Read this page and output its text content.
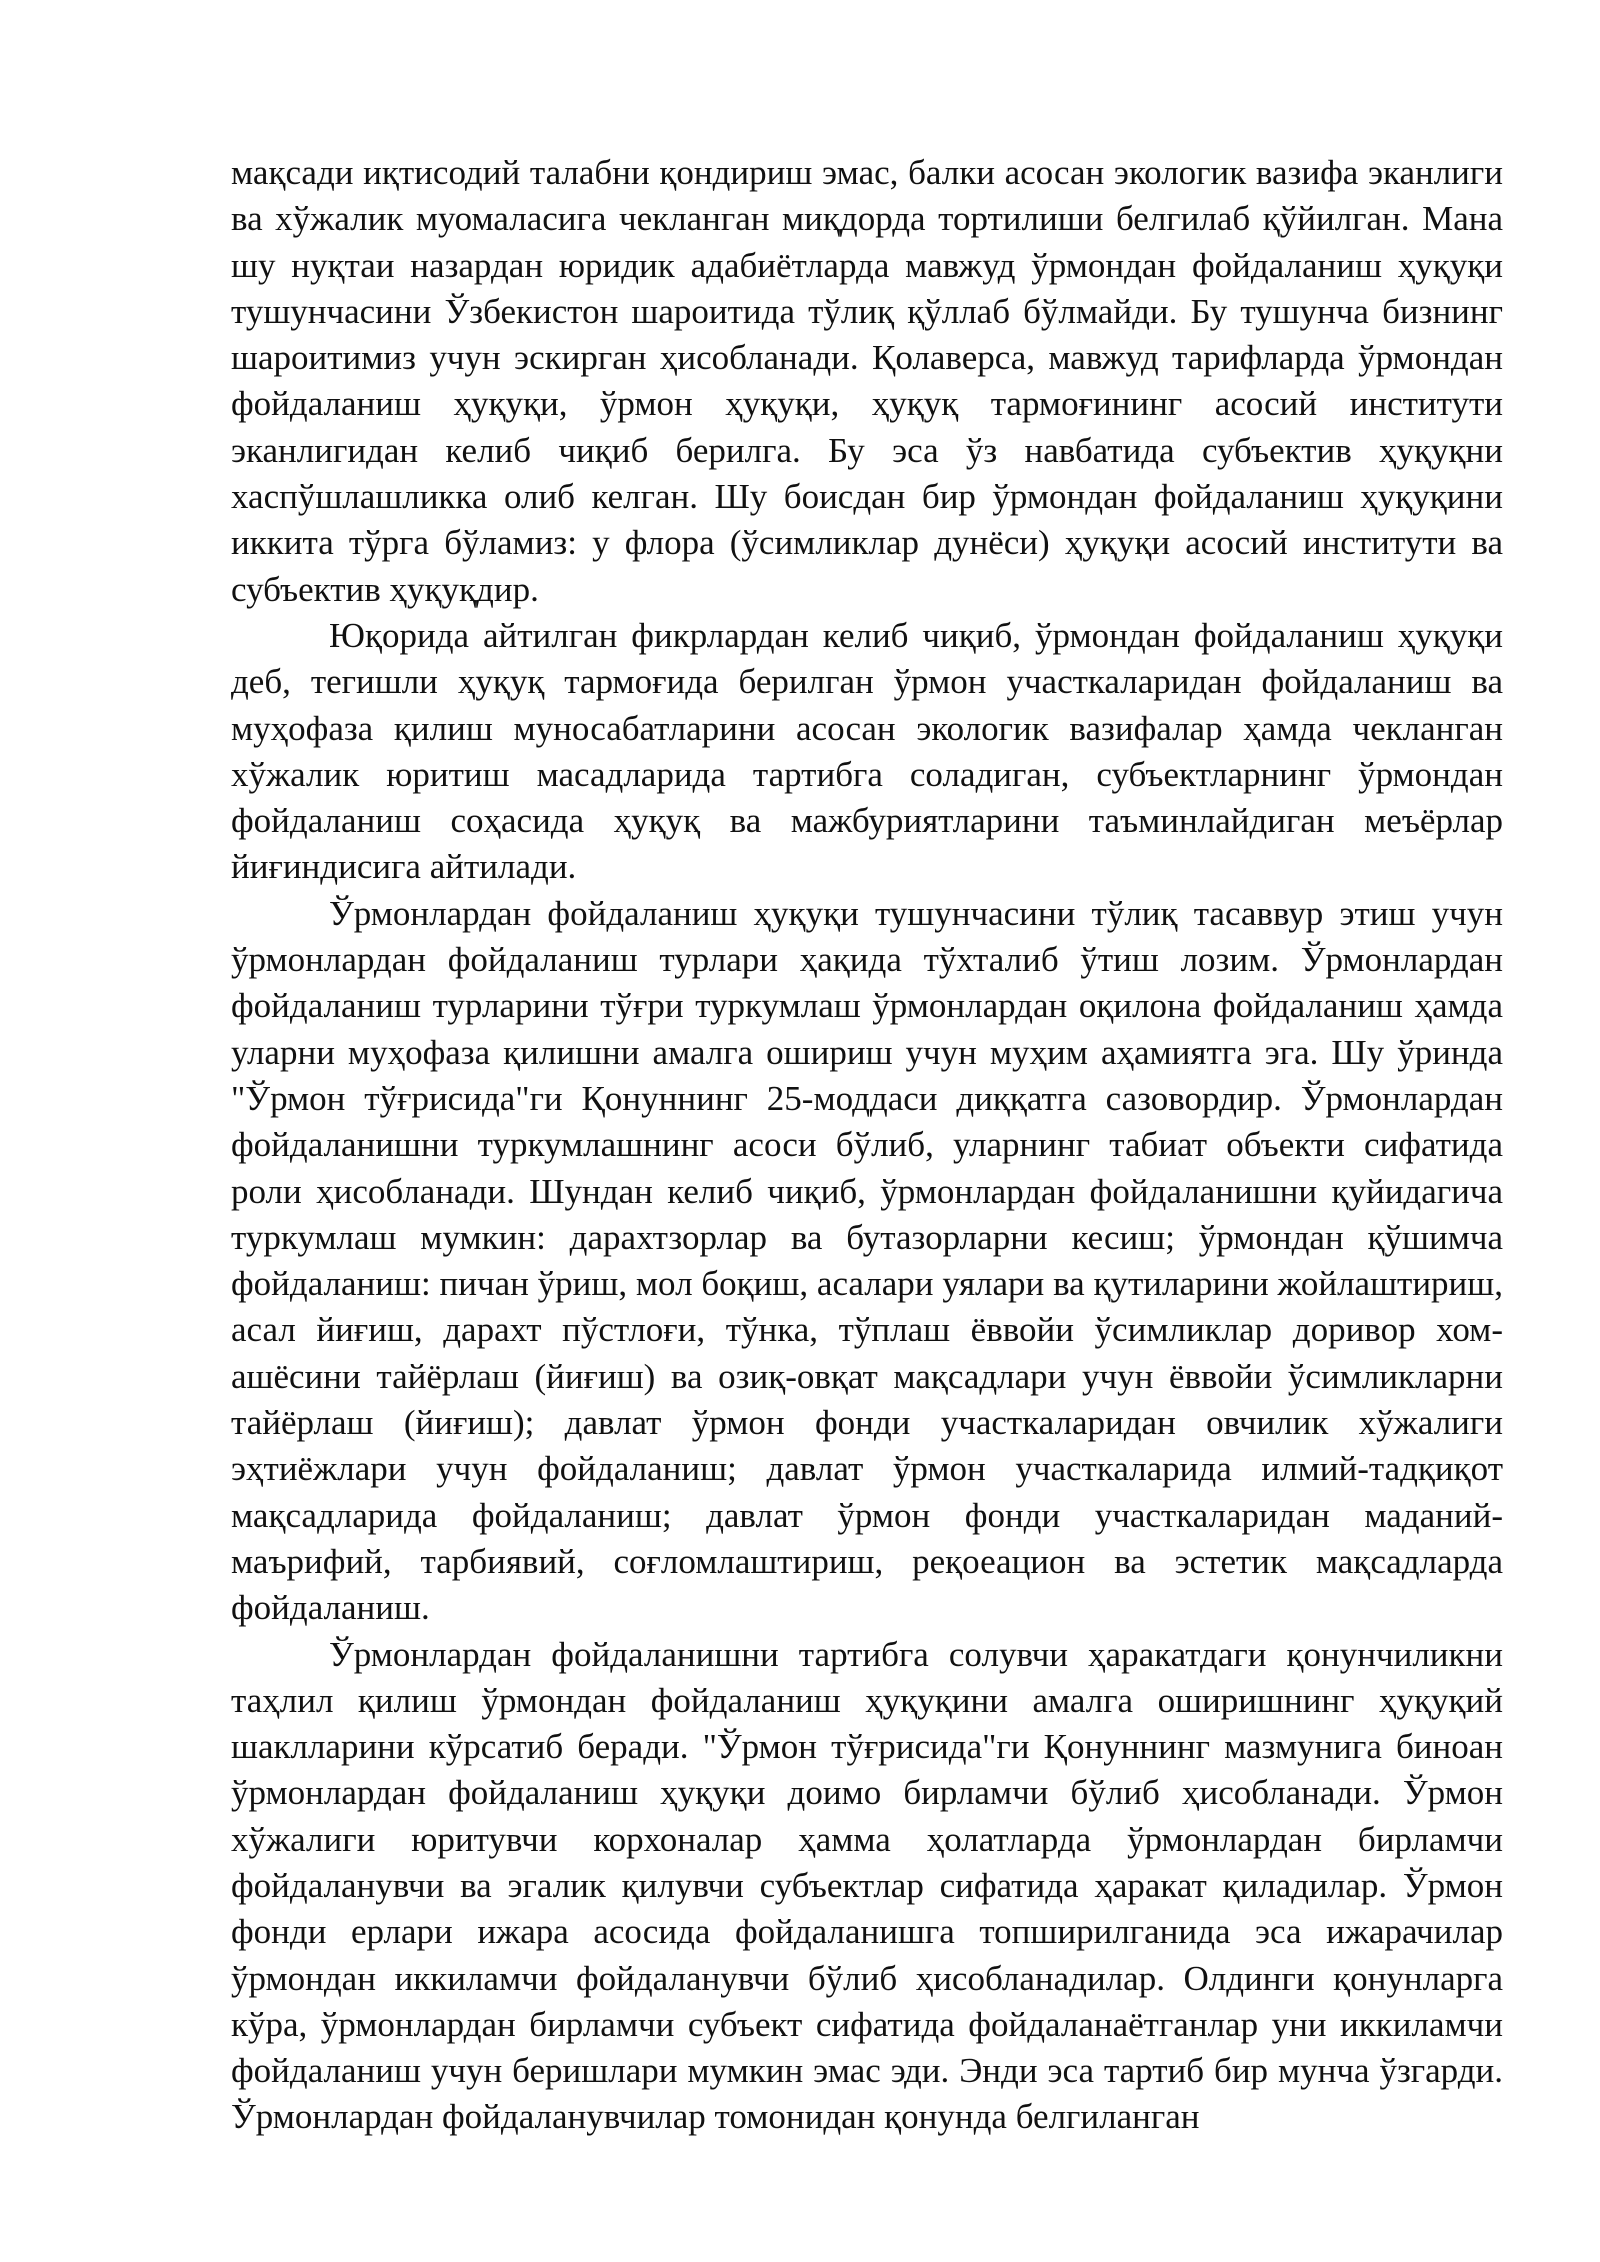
мақсади иқтисодий талабни қондириш эмас, балки асосан экологик вазифа эканлиги ва хўжалик муомаласига чекланган миқдорда тортилиши белгилаб қўйилган. Мана шу нуқтаи назардан юридик адабиётларда мавжуд ўрмондан фойдаланиш ҳуқуқи тушунчасини Ўзбекистон шароитида тўлиқ қўллаб бўлмайди. Бу тушунча бизнинг шароитимиз учун эскирган ҳисобланади. Қолаверса, мавжуд тарифларда ўрмондан фойдаланиш ҳуқуқи, ўрмон ҳуқуқи, ҳуқуқ тармоғининг асосий институти эканлигидан келиб чиқиб берилга. Бу эса ўз навбатида субъектив ҳуқуқни хаспўшлашликка олиб келган. Шу боисдан бир ўрмондан фойдаланиш ҳуқуқини иккита тўрга бўламиз: у флора (ўсимликлар дунёси) ҳуқуқи асосий институти ва субъектив ҳуқуқдир.

Юқорида айтилган фикрлардан келиб чиқиб, ўрмондан фойдаланиш ҳуқуқи деб, тегишли ҳуқуқ тармоғида берилган ўрмон участкаларидан фойдаланиш ва муҳофаза қилиш муносабатларини асосан экологик вазифалар ҳамда чекланган хўжалик юритиш масадларида тартибга соладиган, субъектларнинг ўрмондан фойдаланиш соҳасида ҳуқуқ ва мажбуриятларини таъминлайдиган меъёрлар йиғиндисига айтилади.

Ўрмонлардан фойдаланиш ҳуқуқи тушунчасини тўлиқ тасаввур этиш учун ўрмонлардан фойдаланиш турлари ҳақида тўхталиб ўтиш лозим. Ўрмонлардан фойдаланиш турларини тўғри туркумлаш ўрмонлардан оқилона фойдаланиш ҳамда уларни муҳофаза қилишни амалга ошириш учун муҳим аҳамиятга эга. Шу ўринда "Ўрмон тўғрисида"ги Қонуннинг 25-моддаси диққатга сазовордир. Ўрмонлардан фойдаланишни туркумлашнинг асоси бўлиб, уларнинг табиат объекти сифатида роли ҳисобланади. Шундан келиб чиқиб, ўрмонлардан фойдаланишни қуйидагича туркумлаш мумкин: дарахтзорлар ва бутазорларни кесиш; ўрмондан қўшимча фойдаланиш: пичан ўриш, мол боқиш, асалари уялари ва қутиларини жойлаштириш, асал йиғиш, дарахт пўстлоғи, тўнка, тўплаш ёввойи ўсимликлар доривор хом-ашёсини тайёрлаш (йиғиш) ва озиқ-овқат мақсадлари учун ёввойи ўсимликларни тайёрлаш (йиғиш); давлат ўрмон фонди участкаларидан овчилик хўжалиги эҳтиёжлари учун фойдаланиш; давлат ўрмон участкаларида илмий-тадқиқот мақсадларида фойдаланиш; давлат ўрмон фонди участкаларидан маданий-маърифий, тарбиявий, соғломлаштириш, реқоеацион ва эстетик мақсадларда фойдаланиш.

Ўрмонлардан фойдаланишни тартибга солувчи ҳаракатдаги қонунчиликни таҳлил қилиш ўрмондан фойдаланиш ҳуқуқини амалга оширишнинг ҳуқуқий шаклларини кўрсатиб беради. "Ўрмон тўғрисида"ги Қонуннинг мазмунига биноан ўрмонлардан фойдаланиш ҳуқуқи доимо бирламчи бўлиб ҳисобланади. Ўрмон хўжалиги юритувчи корхоналар ҳамма ҳолатларда ўрмонлардан бирламчи фойдаланувчи ва эгалик қилувчи субъектлар сифатида ҳаракат қиладилар. Ўрмон фонди ерлари ижара асосида фойдаланишга топширилганида эса ижарачилар ўрмондан иккиламчи фойдаланувчи бўлиб ҳисобланадилар. Олдинги қонунларга кўра, ўрмонлардан бирламчи субъект сифатида фойдаланаётганлар уни иккиламчи фойдаланиш учун беришлари мумкин эмас эди. Энди эса тартиб бир мунча ўзгарди. Ўрмонлардан фойдаланувчилар томонидан қонунда белгиланган
